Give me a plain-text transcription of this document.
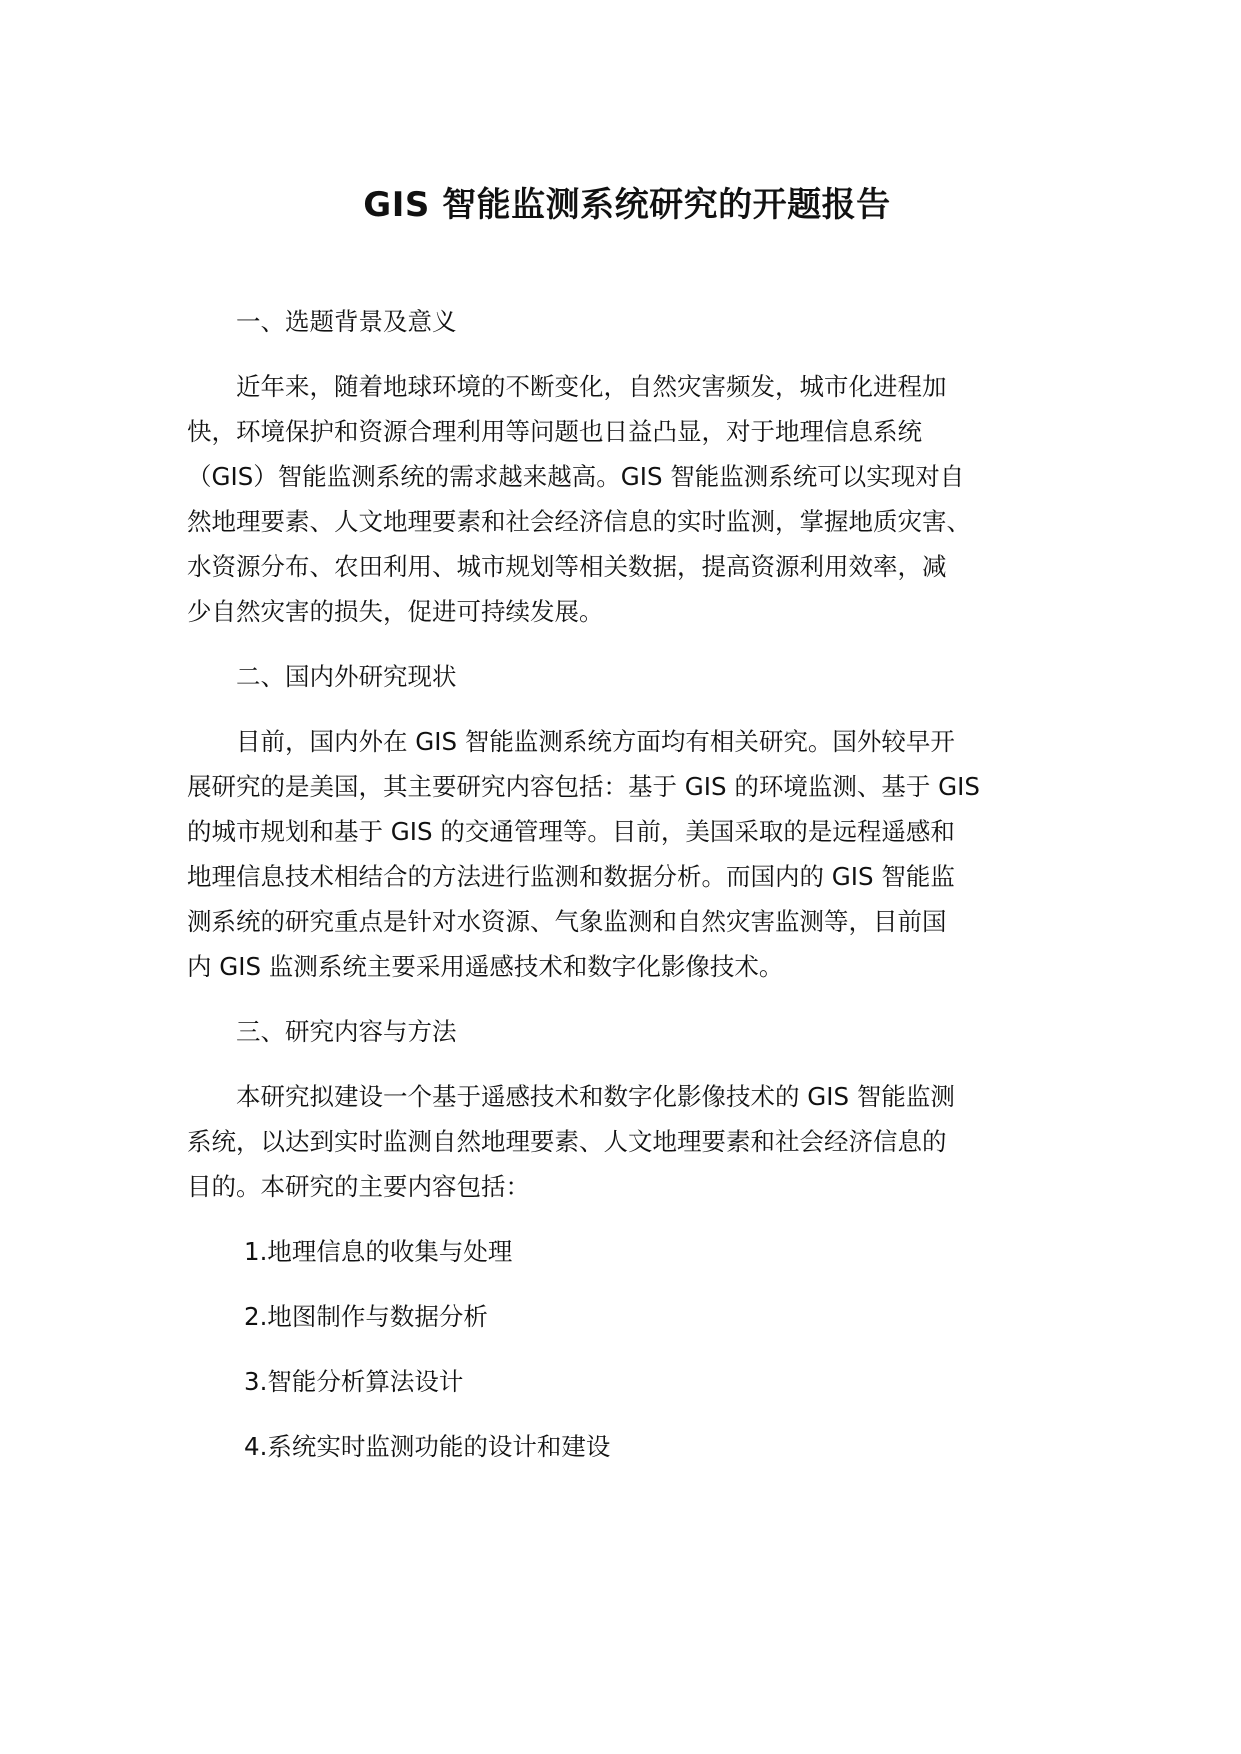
GIS 智能监测系统研究的开题报告
一、选题背景及意义

近年来，随着地球环境的不断变化，自然灾害频发，城市化进程加
快，环境保护和资源合理利用等问题也日益凸显，对于地理信息系统
（GIS）智能监测系统的需求越来越高。GIS 智能监测系统可以实现对自
然地理要素、人文地理要素和社会经济信息的实时监测，掌握地质灾害、
水资源分布、农田利用、城市规划等相关数据，提高资源利用效率，减
少自然灾害的损失，促进可持续发展。

二、国内外研究现状

目前，国内外在 GIS 智能监测系统方面均有相关研究。国外较早开
展研究的是美国，其主要研究内容包括：基于 GIS 的环境监测、基于 GIS
的城市规划和基于 GIS 的交通管理等。目前，美国采取的是远程遥感和
地理信息技术相结合的方法进行监测和数据分析。而国内的 GIS 智能监
测系统的研究重点是针对水资源、气象监测和自然灾害监测等，目前国
内 GIS 监测系统主要采用遥感技术和数字化影像技术。

三、研究内容与方法

本研究拟建设一个基于遥感技术和数字化影像技术的 GIS 智能监测
系统，以达到实时监测自然地理要素、人文地理要素和社会经济信息的
目的。本研究的主要内容包括：

1.地理信息的收集与处理
2.地图制作与数据分析
3.智能分析算法设计
4.系统实时监测功能的设计和建设
